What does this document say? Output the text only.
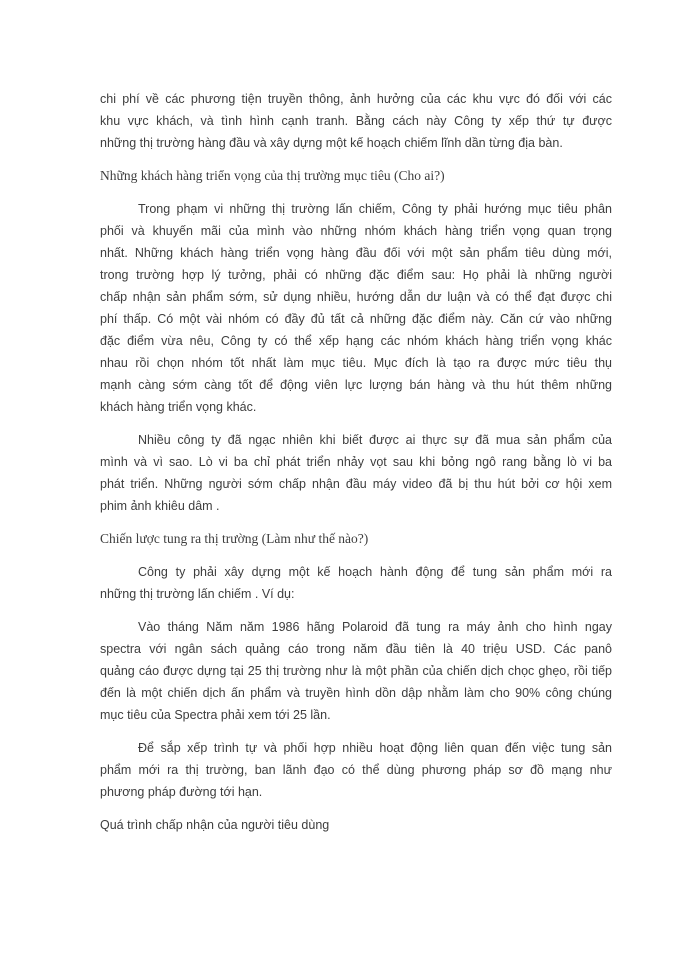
chi phí về các phương tiện truyền thông, ảnh hưởng của các khu vực đó đối với các
khu vực khách, và tình hình cạnh tranh. Bằng cách này Công ty xếp thứ tự được
những thị trường hàng đầu và xây dựng một kế hoạch chiếm lĩnh dần từng địa bàn.
Những khách hàng triển vọng của thị trường mục tiêu (Cho ai?)
Trong phạm vi những thị trường lấn chiếm, Công ty phải hướng mục tiêu phân
phối và khuyến mãi của mình vào những nhóm khách hàng triển vọng quan trọng
nhất. Những khách hàng triển vọng hàng đầu đối với một sản phẩm tiêu dùng mới,
trong trường hợp lý tưởng, phải có những đặc điểm sau: Họ phải là những người
chấp nhận sản phẩm sớm, sử dụng nhiều, hướng dẫn dư luận và có thể đạt được chi
phí thấp. Có một vài nhóm có đầy đủ tất cả những đặc điểm này. Căn cứ vào những
đặc điểm vừa nêu, Công ty có thể xếp hạng các nhóm khách hàng triển vọng khác
nhau rồi chọn nhóm tốt nhất làm mục tiêu. Mục đích là tạo ra được mức tiêu thụ
mạnh càng sớm càng tốt để động viên lực lượng bán hàng và thu hút thêm những
khách hàng triển vọng khác.
Nhiều công ty đã ngạc nhiên khi biết được ai thực sự đã mua sản phẩm của
mình và vì sao. Lò vi ba chỉ phát triển nhảy vọt sau khi bỏng ngô rang bằng lò vi ba
phát triển. Những người sớm chấp nhận đầu máy video đã bị thu hút bởi cơ hội xem
phim ảnh khiêu dâm .
Chiến lược tung ra thị trường (Làm như thế nào?)
Công ty phải xây dựng một kế hoạch hành động để tung sản phẩm mới ra
những thị trường lấn chiếm . Ví dụ:
Vào tháng Năm năm 1986 hãng Polaroid đã tung ra máy ảnh cho hình ngay
spectra với ngân sách quảng cáo trong năm đầu tiên là 40 triệu USD. Các panô
quảng cáo được dựng tại 25 thị trường như là một phần của chiến dịch chọc ghẹo, rồi tiếp
đến là một chiến dịch ấn phẩm và truyền hình dồn dập nhằm làm cho 90% công chúng
mục tiêu của Spectra phải xem tới 25 lần.
Để sắp xếp trình tự và phối hợp nhiều hoạt động liên quan đến việc tung sản
phẩm mới ra thị trường, ban lãnh đạo có thể dùng phương pháp sơ đồ mạng như
phương pháp đường tới hạn.
Quá trình chấp nhận của người tiêu dùng
